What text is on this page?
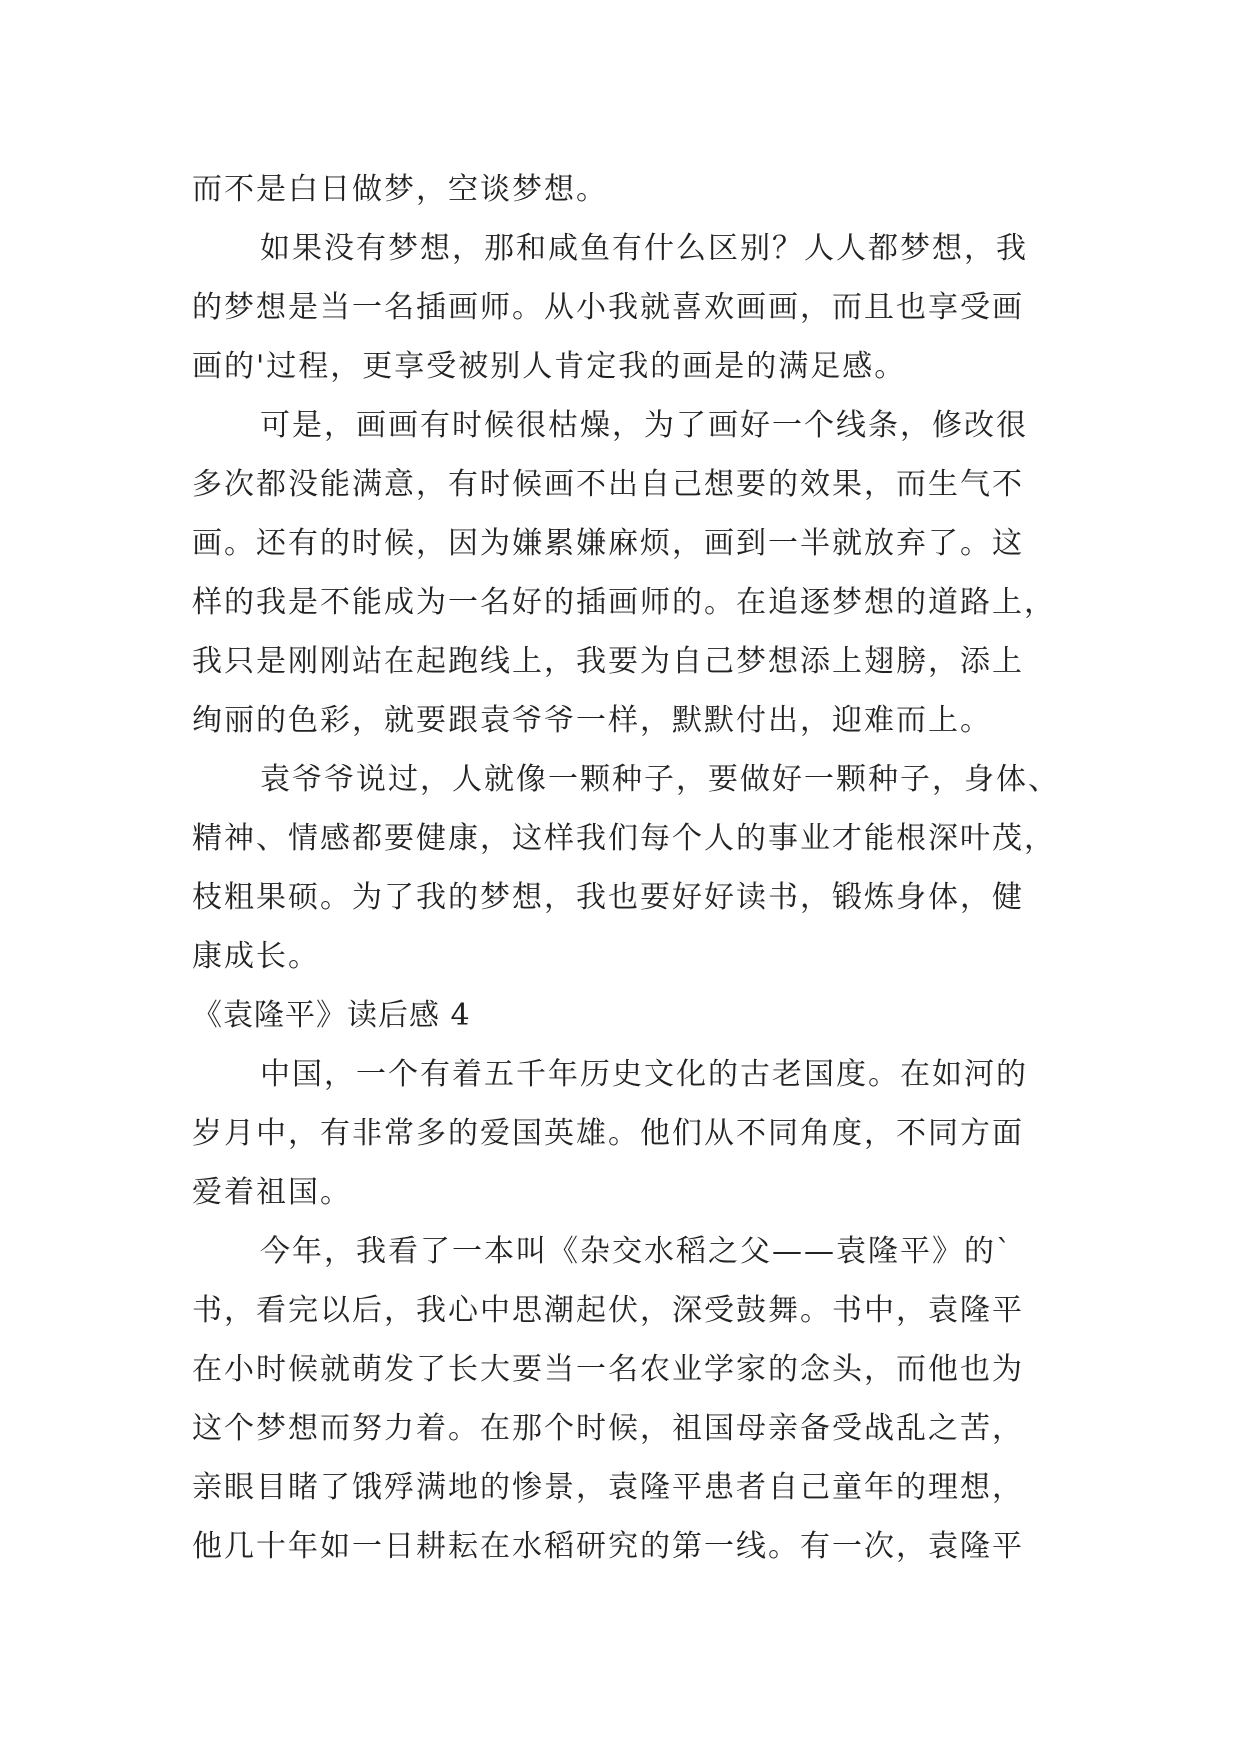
而不是白日做梦，空谈梦想。
如果没有梦想，那和咸鱼有什么区别？人人都梦想，我
的梦想是当一名插画师。从小我就喜欢画画，而且也享受画
画的'过程，更享受被别人肯定我的画是的满足感。
可是，画画有时候很枯燥，为了画好一个线条，修改很
多次都没能满意，有时候画不出自己想要的效果，而生气不
画。还有的时候，因为嫌累嫌麻烦，画到一半就放弃了。这
样的我是不能成为一名好的插画师的。在追逐梦想的道路上，
我只是刚刚站在起跑线上，我要为自己梦想添上翅膀，添上
绚丽的色彩，就要跟袁爷爷一样，默默付出，迎难而上。
袁爷爷说过，人就像一颗种子，要做好一颗种子，身体、
精神、情感都要健康，这样我们每个人的事业才能根深叶茂，
枝粗果硕。为了我的梦想，我也要好好读书，锻炼身体，健
康成长。
《袁隆平》读后感 4
中国，一个有着五千年历史文化的古老国度。在如河的
岁月中，有非常多的爱国英雄。他们从不同角度，不同方面
爱着祖国。
今年，我看了一本叫《杂交水稻之父——袁隆平》的`
书，看完以后，我心中思潮起伏，深受鼓舞。书中，袁隆平
在小时候就萌发了长大要当一名农业学家的念头，而他也为
这个梦想而努力着。在那个时候，祖国母亲备受战乱之苦，
亲眼目睹了饿殍满地的惨景，袁隆平患者自己童年的理想，
他几十年如一日耕耘在水稻研究的第一线。有一次，袁隆平
